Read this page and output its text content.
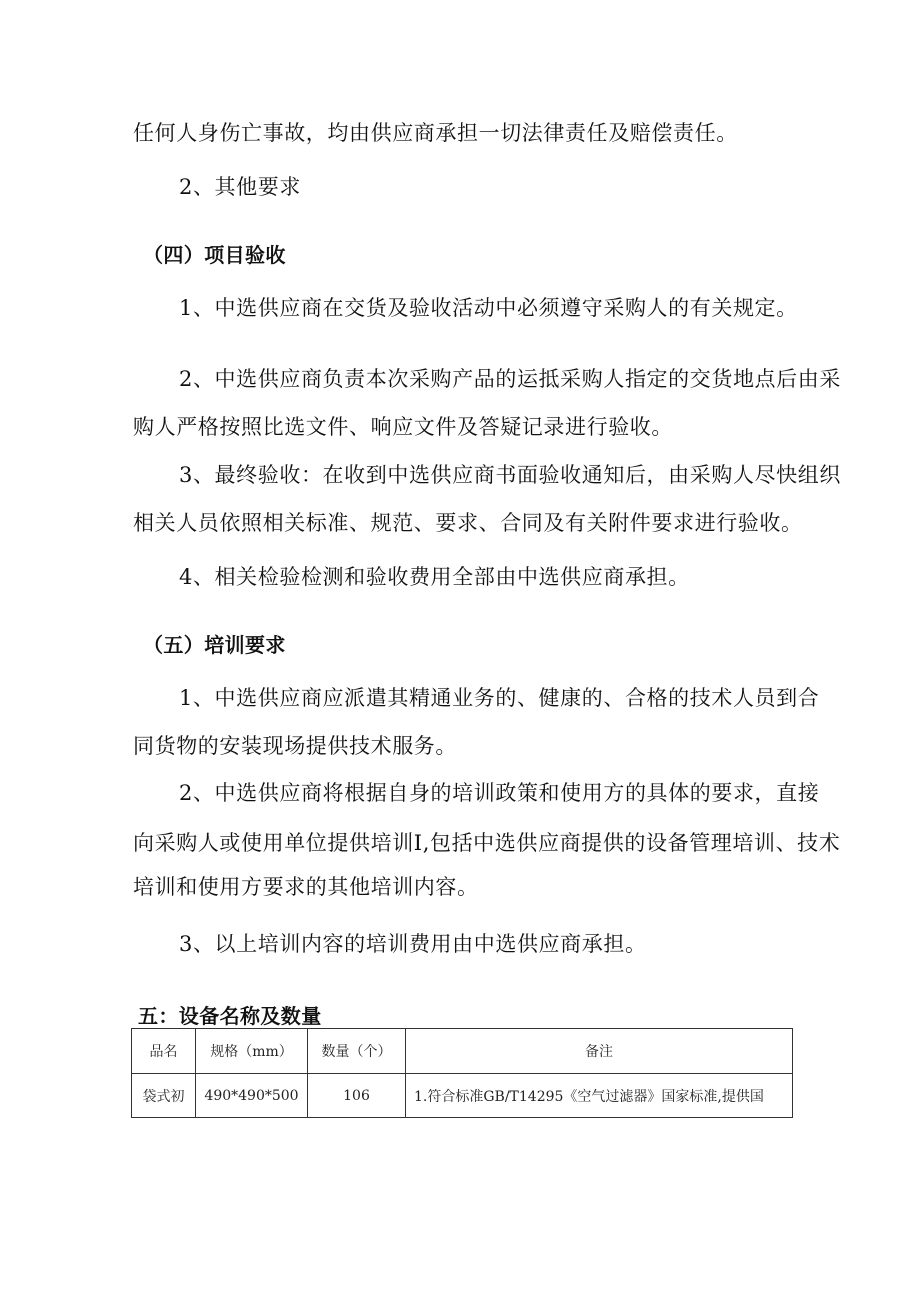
任何人身伤亡事故，均由供应商承担一切法律责任及赔偿责任。

2、其他要求

（四）项目验收

1、中选供应商在交货及验收活动中必须遵守采购人的有关规定。

2、中选供应商负责本次采购产品的运抵采购人指定的交货地点后由采

购人严格按照比选文件、响应文件及答疑记录进行验收。

3、最终验收：在收到中选供应商书面验收通知后，由采购人尽快组织

相关人员依照相关标准、规范、要求、合同及有关附件要求进行验收。

4、相关检验检测和验收费用全部由中选供应商承担。

（五）培训要求

1、中选供应商应派遣其精通业务的、健康的、合格的技术人员到合

同货物的安装现场提供技术服务。

2、中选供应商将根据自身的培训政策和使用方的具体的要求，直接

向采购人或使用单位提供培训I,包括中选供应商提供的设备管理培训、技术

培训和使用方要求的其他培训内容。

3、以上培训内容的培训费用由中选供应商承担。

五：设备名称及数量
品名	规格（mm）	数量（个）	备注
袋式初	490*490*500	106	1.符合标准GB/T14295《空气过滤器》国家标准,提供国
